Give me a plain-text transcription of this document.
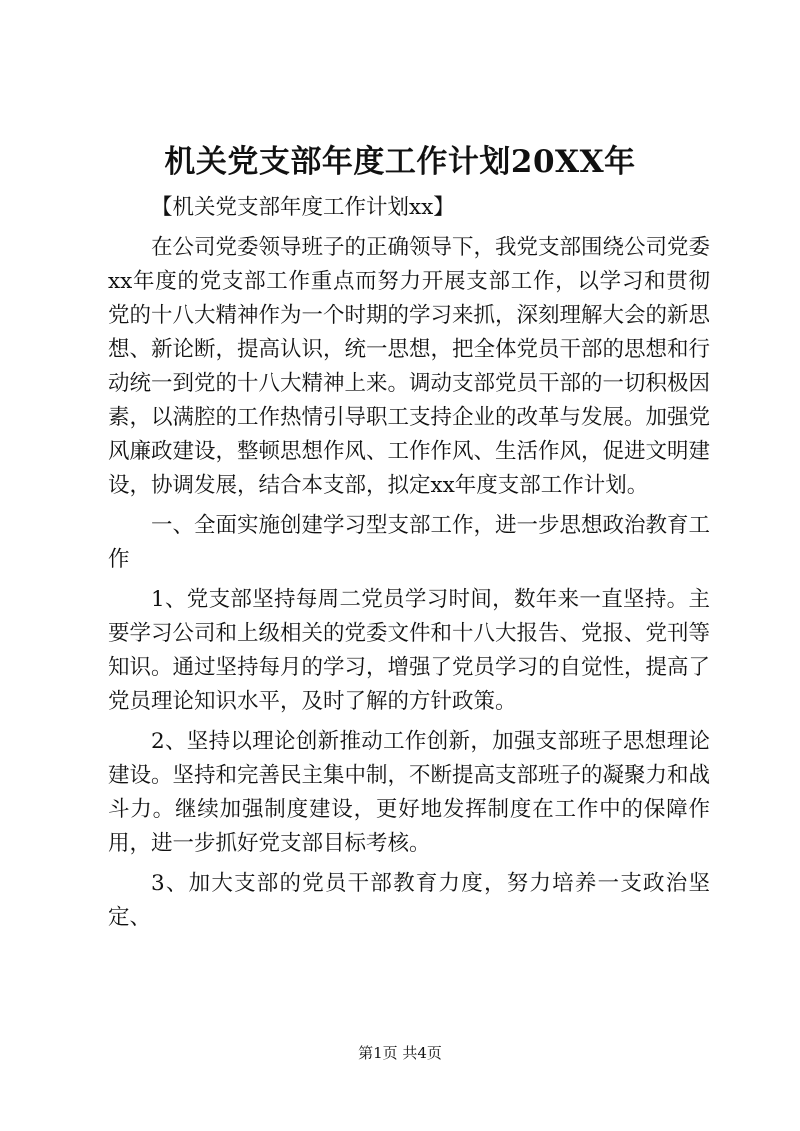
机关党支部年度工作计划20XX年

【机关党支部年度工作计划xx】

在公司党委领导班子的正确领导下，我党支部围绕公司党委xx年度的党支部工作重点而努力开展支部工作，以学习和贯彻党的十八大精神作为一个时期的学习来抓，深刻理解大会的新思想、新论断，提高认识，统一思想，把全体党员干部的思想和行动统一到党的十八大精神上来。调动支部党员干部的一切积极因素，以满腔的工作热情引导职工支持企业的改革与发展。加强党风廉政建设，整顿思想作风、工作作风、生活作风，促进文明建设，协调发展，结合本支部，拟定xx年度支部工作计划。

一、全面实施创建学习型支部工作，进一步思想政治教育工作

1、党支部坚持每周二党员学习时间，数年来一直坚持。主要学习公司和上级相关的党委文件和十八大报告、党报、党刊等知识。通过坚持每月的学习，增强了党员学习的自觉性，提高了党员理论知识水平，及时了解的方针政策。

2、坚持以理论创新推动工作创新，加强支部班子思想理论建设。坚持和完善民主集中制，不断提高支部班子的凝聚力和战斗力。继续加强制度建设，更好地发挥制度在工作中的保障作用，进一步抓好党支部目标考核。

3、加大支部的党员干部教育力度，努力培养一支政治坚定、

第1页 共4页
